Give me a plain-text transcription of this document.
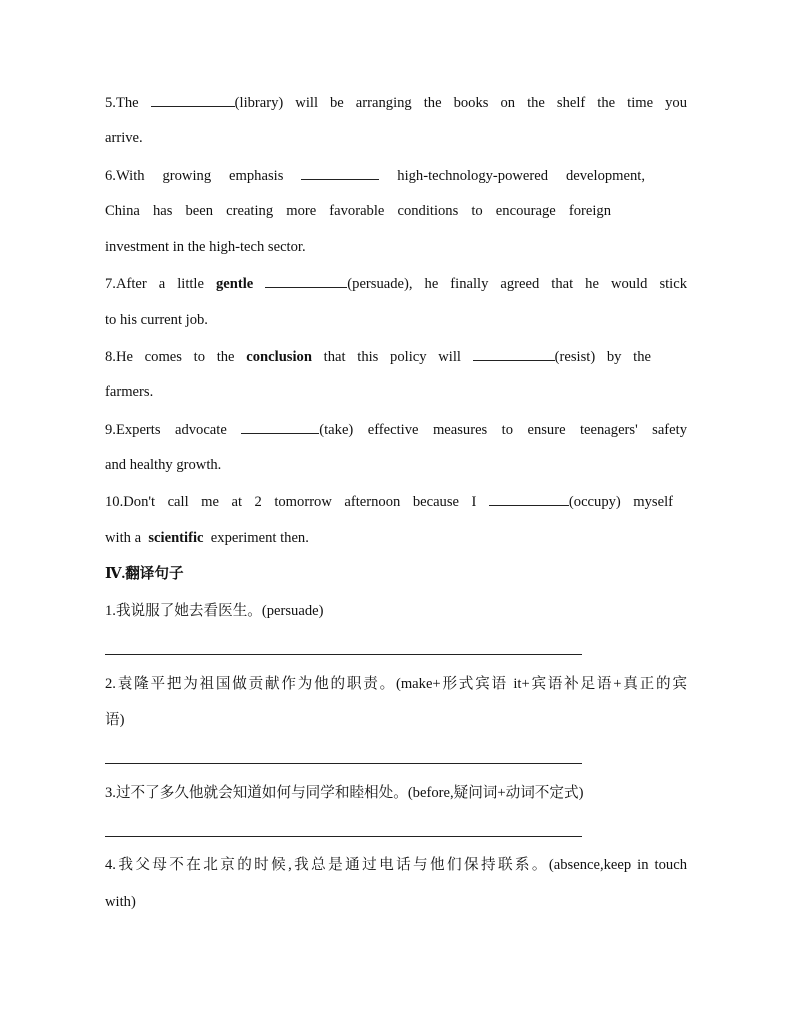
5.The	(library) will be arranging the books on the shelf the time you
arrive.
6.With growing emphasis	high-technology-powered development,
China has been creating more favorable conditions to encourage foreign
investment in the high-tech sector.
7.After a little gentle	(persuade), he finally agreed that he would stick
to his current job.
8.He comes to the conclusion that this policy will	(resist) by the
farmers.
9.Experts advocate	(take) effective measures to ensure teenagers' safety
and healthy growth.
10.Don't call me at 2 tomorrow afternoon because I	(occupy) myself
with a scientific experiment then.
Ⅳ.翻译句子
1.我说服了她去看医生。(persuade)
2.袁隆平把为祖国做贡献作为他的职责。(make+形式宾语 it+宾语补足语+真正的宾
语)
3.过不了多久他就会知道如何与同学和睦相处。(before,疑问词+动词不定式)
4.我父母不在北京的时候,我总是通过电话与他们保持联系。(absence,keep in touch
with)
